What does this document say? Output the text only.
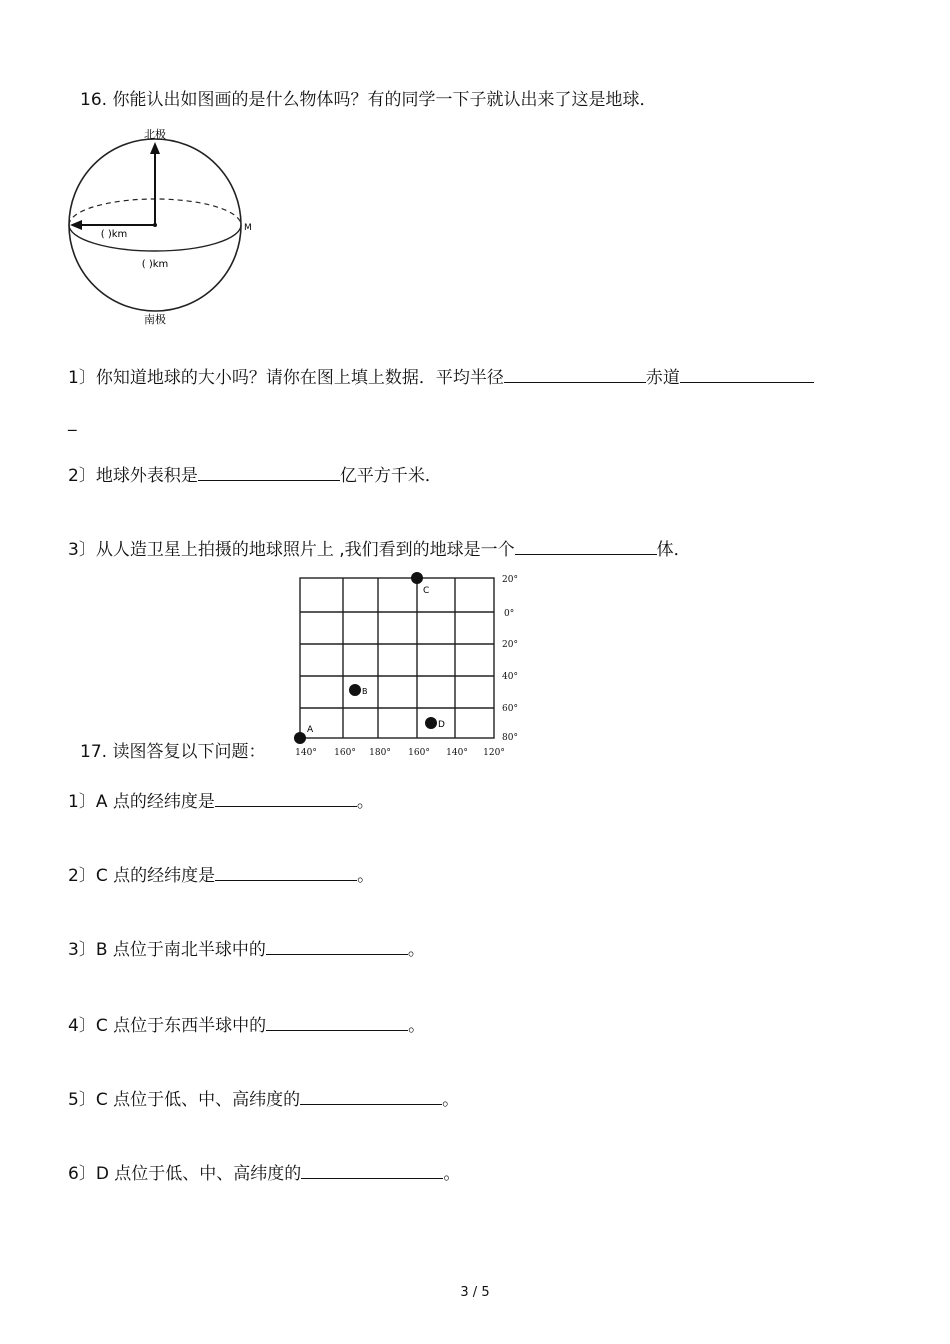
16. 你能认出如图画的是什么物体吗？有的同学一下子就认出来了这是地球．
北极
南极
( )km
( )km
M
1〕你知道地球的大小吗？请你在图上填上数据．平均半径	赤道
_
2〕地球外表积是	亿平方千米．
3〕从人造卫星上拍摄的地球照片上 ,我们看到的地球是一个	体．
20°
0°
20°
40°
60°
80°
140° 160° 180° 160° 140° 120°
A
B
C
D
17. 读图答复以下问题：
1〕A 点的经纬度是	。
2〕C 点的经纬度是	。
3〕B 点位于南北半球中的	。
4〕C 点位于东西半球中的	。
5〕C 点位于低、中、高纬度的	。
6〕D 点位于低、中、高纬度的	。
3 / 5
